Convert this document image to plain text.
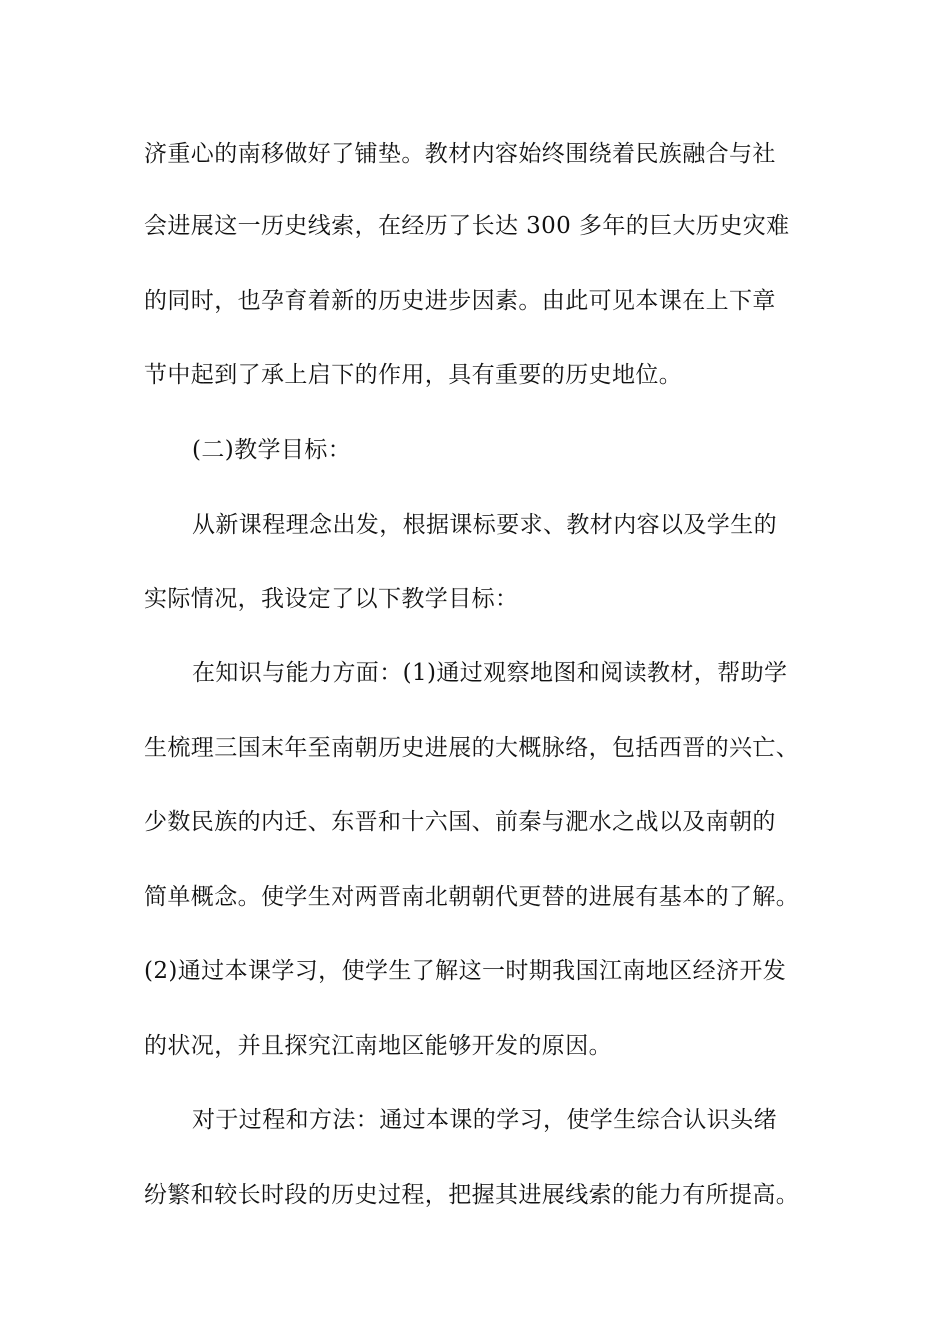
济重心的南移做好了铺垫。教材内容始终围绕着民族融合与社
会进展这一历史线索，在经历了长达 300 多年的巨大历史灾难
的同时，也孕育着新的历史进步因素。由此可见本课在上下章
节中起到了承上启下的作用，具有重要的历史地位。
(二)教学目标：
从新课程理念出发，根据课标要求、教材内容以及学生的
实际情况，我设定了以下教学目标：
在知识与能力方面：(1)通过观察地图和阅读教材，帮助学
生梳理三国末年至南朝历史进展的大概脉络，包括西晋的兴亡、
少数民族的内迁、东晋和十六国、前秦与淝水之战以及南朝的
简单概念。使学生对两晋南北朝朝代更替的进展有基本的了解。
(2)通过本课学习，使学生了解这一时期我国江南地区经济开发
的状况，并且探究江南地区能够开发的原因。
对于过程和方法：通过本课的学习，使学生综合认识头绪
纷繁和较长时段的历史过程，把握其进展线索的能力有所提高。
